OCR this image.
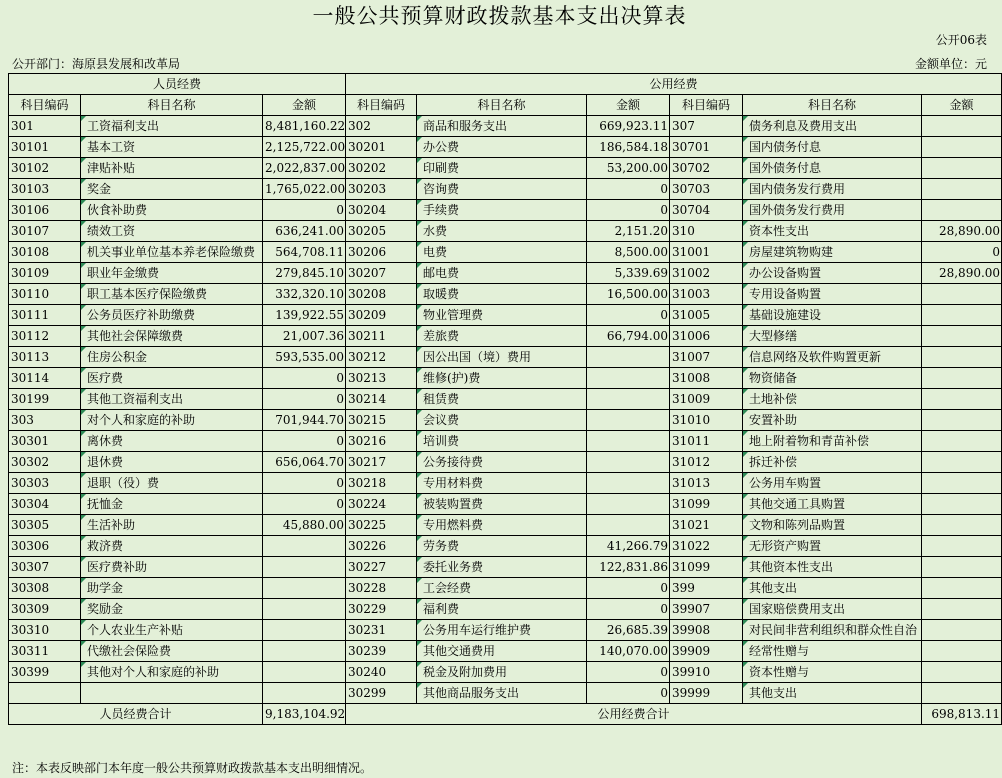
一般公共预算财政拨款基本支出决算表
公开06表
公开部门：海原县发展和改革局	金额单位：元
人员经费			公用经费					
科目编码	科目名称	金额	科目编码	科目名称	金额	科目编码	科目名称	金额
301	工资福利支出	8,481,160.22	302	商品和服务支出	669,923.11	307	债务利息及费用支出	
30101	基本工资	2,125,722.00	30201	办公费	186,584.18	30701	国内债务付息	
30102	津贴补贴	2,022,837.00	30202	印刷费	53,200.00	30702	国外债务付息	
30103	奖金	1,765,022.00	30203	咨询费	0	30703	国内债务发行费用	
30106	伙食补助费	0	30204	手续费	0	30704	国外债务发行费用	
30107	绩效工资	636,241.00	30205	水费	2,151.20	310	资本性支出	28,890.00
30108	机关事业单位基本养老保险缴费	564,708.11	30206	电费	8,500.00	31001	房屋建筑物购建	0
30109	职业年金缴费	279,845.10	30207	邮电费	5,339.69	31002	办公设备购置	28,890.00
30110	职工基本医疗保险缴费	332,320.10	30208	取暖费	16,500.00	31003	专用设备购置	
30111	公务员医疗补助缴费	139,922.55	30209	物业管理费	0	31005	基础设施建设	
30112	其他社会保障缴费	21,007.36	30211	差旅费	66,794.00	31006	大型修缮	
30113	住房公积金	593,535.00	30212	因公出国（境）费用		31007	信息网络及软件购置更新	
30114	医疗费	0	30213	维修(护)费		31008	物资储备	
30199	其他工资福利支出	0	30214	租赁费		31009	土地补偿	
303	对个人和家庭的补助	701,944.70	30215	会议费		31010	安置补助	
30301	离休费	0	30216	培训费		31011	地上附着物和青苗补偿	
30302	退休费	656,064.70	30217	公务接待费		31012	拆迁补偿	
30303	退职（役）费	0	30218	专用材料费		31013	公务用车购置	
30304	抚恤金	0	30224	被装购置费		31099	其他交通工具购置	
30305	生活补助	45,880.00	30225	专用燃料费		31021	文物和陈列品购置	
30306	救济费		30226	劳务费	41,266.79	31022	无形资产购置	
30307	医疗费补助		30227	委托业务费	122,831.86	31099	其他资本性支出	
30308	助学金		30228	工会经费	0	399	其他支出	
30309	奖励金		30229	福利费	0	39907	国家赔偿费用支出	
30310	个人农业生产补贴		30231	公务用车运行维护费	26,685.39	39908	对民间非营利组织和群众性自治	
30311	代缴社会保险费		30239	其他交通费用	140,070.00	39909	经常性赠与	
30399	其他对个人和家庭的补助		30240	税金及附加费用	0	39910	资本性赠与	
			30299	其他商品服务支出	0	39999	其他支出	
人员经费合计		9,183,104.92	公用经费合计					698,813.11
注：本表反映部门本年度一般公共预算财政拨款基本支出明细情况。
